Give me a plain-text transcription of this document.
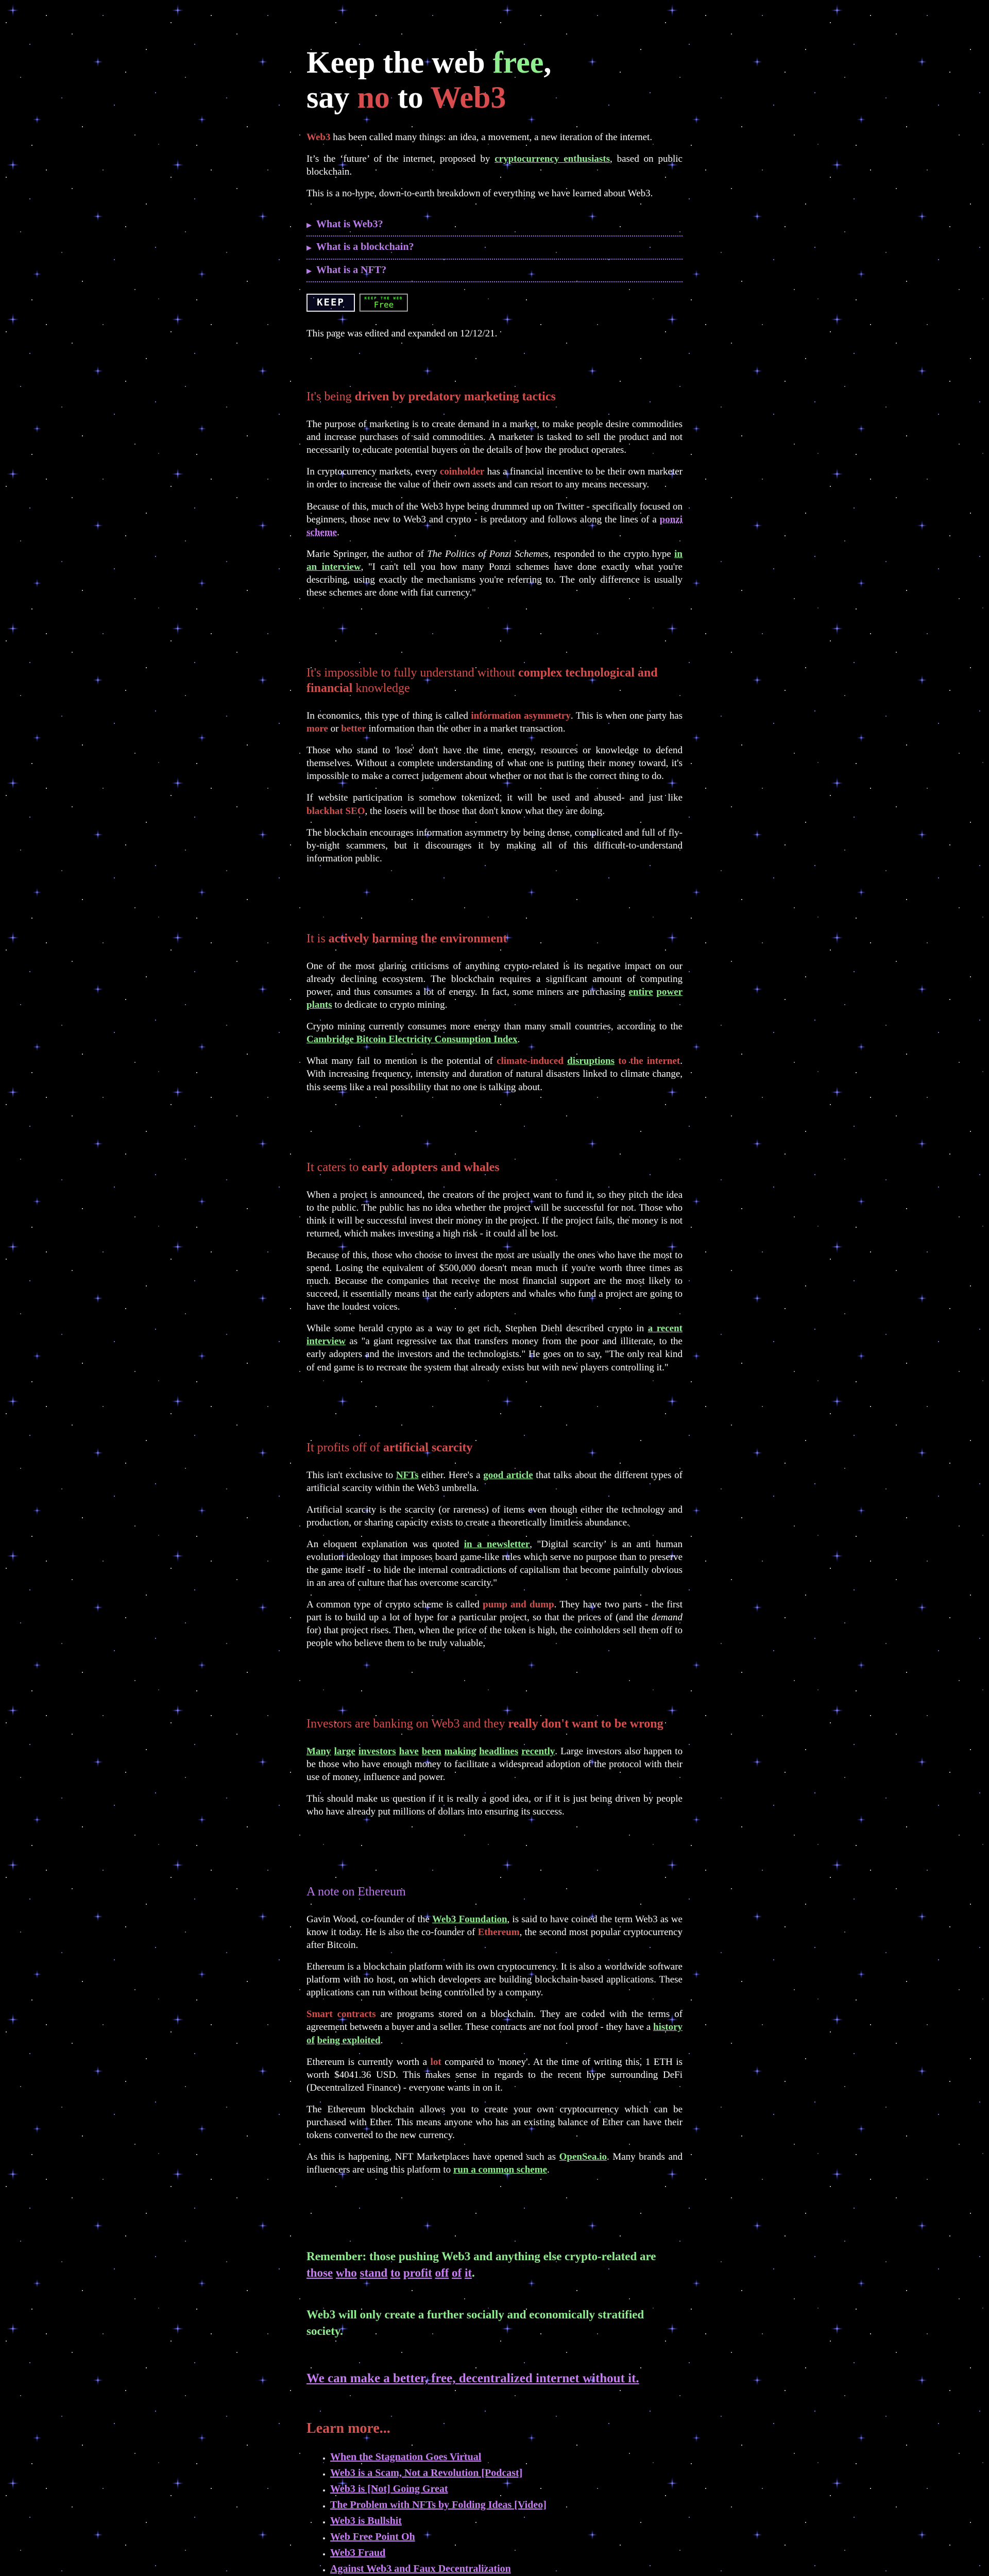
Keep the web free,
say no to Web3

Web3 has been called many things: an idea, a movement, a new iteration of the internet.

It’s the ‘future’ of the internet, proposed by cryptocurrency enthusiasts, based on public blockchain.

This is a no-hype, down-to-earth breakdown of everything we have learned about Web3.

▶ What is Web3?
▶ What is a blockchain?
▶ What is a NFT?
KEEP	KEEP THE WEB
Free

This page was edited and expanded on 12/12/21.

It's being driven by predatory marketing tactics

The purpose of marketing is to create demand in a market, to make people desire commodities and increase purchases of said commodities. A marketer is tasked to sell the product and not necessarily to educate potential buyers on the details of how the product operates.

In cryptocurrency markets, every coinholder has a financial incentive to be their own marketer in order to increase the value of their own assets and can resort to any means necessary.

Because of this, much of the Web3 hype being drummed up on Twitter - specifically focused on beginners, those new to Web3 and crypto - is predatory and follows along the lines of a ponzi scheme.

Marie Springer, the author of The Politics of Ponzi Schemes, responded to the crypto hype in an interview, "I can't tell you how many Ponzi schemes have done exactly what you're describing, using exactly the mechanisms you're referring to. The only difference is usually these schemes are done with fiat currency."

It's impossible to fully understand without complex technological and financial knowledge

In economics, this type of thing is called information asymmetry. This is when one party has more or better information than the other in a market transaction.

Those who stand to 'lose' don't have the time, energy, resources or knowledge to defend themselves. Without a complete understanding of what one is putting their money toward, it's impossible to make a correct judgement about whether or not that is the correct thing to do.

If website participation is somehow tokenized, it will be used and abused- and just like blackhat SEO, the losers will be those that don't know what they are doing.

The blockchain encourages information asymmetry by being dense, complicated and full of fly-by-night scammers, but it discourages it by making all of this difficult-to-understand information public.

It is actively harming the environment

One of the most glaring criticisms of anything crypto-related is its negative impact on our already declining ecosystem. The blockchain requires a significant amount of computing power, and thus consumes a lot of energy. In fact, some miners are purchasing entire power plants to dedicate to crypto mining.

Crypto mining currently consumes more energy than many small countries, according to the Cambridge Bitcoin Electricity Consumption Index.

What many fail to mention is the potential of climate-induced disruptions to the internet. With increasing frequency, intensity and duration of natural disasters linked to climate change, this seems like a real possibility that no one is talking about.

It caters to early adopters and whales

When a project is announced, the creators of the project want to fund it, so they pitch the idea to the public. The public has no idea whether the project will be successful for not. Those who think it will be successful invest their money in the project. If the project fails, the money is not returned, which makes investing a high risk - it could all be lost.

Because of this, those who choose to invest the most are usually the ones who have the most to spend. Losing the equivalent of $500,000 doesn't mean much if you're worth three times as much. Because the companies that receive the most financial support are the most likely to succeed, it essentially means that the early adopters and whales who fund a project are going to have the loudest voices.

While some herald crypto as a way to get rich, Stephen Diehl described crypto in a recent interview as "a giant regressive tax that transfers money from the poor and illiterate, to the early adopters and the investors and the technologists." He goes on to say, "The only real kind of end game is to recreate the system that already exists but with new players controlling it."

It profits off of artificial scarcity

This isn't exclusive to NFTs either. Here's a good article that talks about the different types of artificial scarcity within the Web3 umbrella.

Artificial scarcity is the scarcity (or rareness) of items even though either the technology and production, or sharing capacity exists to create a theoretically limitless abundance.

An eloquent explanation was quoted in a newsletter, "Digital scarcity’ is an anti human evolution ideology that imposes board game-like rules which serve no purpose than to preserve the game itself - to hide the internal contradictions of capitalism that become painfully obvious in an area of culture that has overcome scarcity."

A common type of crypto scheme is called pump and dump. They have two parts - the first part is to build up a lot of hype for a particular project, so that the prices of (and the demand for) that project rises. Then, when the price of the token is high, the coinholders sell them off to people who believe them to be truly valuable,

Investors are banking on Web3 and they really don't want to be wrong

Many large investors have been making headlines recently. Large investors also happen to be those who have enough money to facilitate a widespread adoption of the protocol with their use of money, influence and power.

This should make us question if it is really a good idea, or if it is just being driven by people who have already put millions of dollars into ensuring its success.

A note on Ethereum

Gavin Wood, co-founder of the Web3 Foundation, is said to have coined the term Web3 as we know it today. He is also the co-founder of Ethereum, the second most popular cryptocurrency after Bitcoin.

Ethereum is a blockchain platform with its own cryptocurrency. It is also a worldwide software platform with no host, on which developers are building blockchain-based applications. These applications can run without being controlled by a company.

Smart contracts are programs stored on a blockchain. They are coded with the terms of agreement between a buyer and a seller. These contracts are not fool proof - they have a history of being exploited.

Ethereum is currently worth a lot compared to 'money'. At the time of writing this, 1 ETH is worth $4041.36 USD. This makes sense in regards to the recent hype surrounding DeFi (Decentralized Finance) - everyone wants in on it.

The Ethereum blockchain allows you to create your own cryptocurrency which can be purchased with Ether. This means anyone who has an existing balance of Ether can have their tokens converted to the new currency.

As this is happening, NFT Marketplaces have opened such as OpenSea.io. Many brands and influencers are using this platform to run a common scheme.

Remember: those pushing Web3 and anything else crypto-related are those who stand to profit off of it.

Web3 will only create a further socially and economically stratified society.

We can make a better, free, decentralized internet without it.

Learn more...
• When the Stagnation Goes Virtual
• Web3 is a Scam, Not a Revolution [Podcast]
• Web3 is [Not] Going Great
• The Problem with NFTs by Folding Ideas [Video]
• Web3 is Bullshit
• Web Free Point Oh
• Web3 Fraud
• Against Web3 and Faux Decentralization
